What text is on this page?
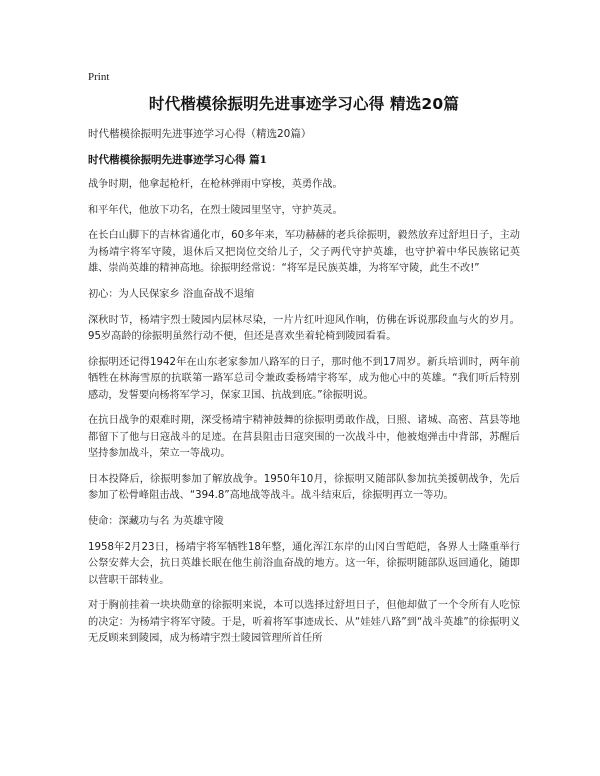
Print
时代楷模徐振明先进事迹学习心得 精选20篇
时代楷模徐振明先进事迹学习心得（精选20篇）
时代楷模徐振明先进事迹学习心得 篇1

战争时期，他拿起枪杆，在枪林弹雨中穿梭，英勇作战。

和平年代，他放下功名，在烈士陵园里坚守，守护英灵。

在长白山脚下的吉林省通化市，60多年来，军功赫赫的老兵徐振明，毅然放弃过舒坦日子，主动为杨靖宇将军守陵，退休后又把岗位交给儿子，父子两代守护英雄，也守护着中华民族铭记英雄、崇尚英雄的精神高地。徐振明经常说：“将军是民族英雄，为将军守陵，此生不改!”

初心：为人民保家乡 浴血奋战不退缩

深秋时节，杨靖宇烈士陵园内层林尽染，一片片红叶迎风作响，仿佛在诉说那段血与火的岁月。95岁高龄的徐振明虽然行动不便，但还是喜欢坐着轮椅到陵园看看。

徐振明还记得1942年在山东老家参加八路军的日子，那时他不到17周岁。新兵培训时，两年前牺牲在林海雪原的抗联第一路军总司令兼政委杨靖宇将军，成为他心中的英雄。“我们听后特别感动，发誓要向杨将军学习，保家卫国、抗战到底。”徐振明说。

在抗日战争的艰难时期，深受杨靖宇精神鼓舞的徐振明勇敢作战，日照、诸城、高密、莒县等地都留下了他与日寇战斗的足迹。在莒县阻击日寇突围的一次战斗中，他被炮弹击中背部，苏醒后坚持参加战斗，荣立一等战功。

日本投降后，徐振明参加了解放战争。1950年10月，徐振明又随部队参加抗美援朝战争，先后参加了松骨峰阻击战、“394.8”高地战等战斗。战斗结束后，徐振明再立一等功。

使命：深藏功与名 为英雄守陵

1958年2月23日，杨靖宇将军牺牲18年整，通化浑江东岸的山冈白雪皑皑，各界人士隆重举行公祭安葬大会，抗日英雄长眠在他生前浴血奋战的地方。这一年，徐振明随部队返回通化，随即以营职干部转业。

对于胸前挂着一块块勋章的徐振明来说，本可以选择过舒坦日子，但他却做了一个令所有人吃惊的决定：为杨靖宇将军守陵。于是，听着将军事迹成长、从“娃娃八路”到“战斗英雄”的徐振明义无反顾来到陵园，成为杨靖宇烈士陵园管理所首任所
